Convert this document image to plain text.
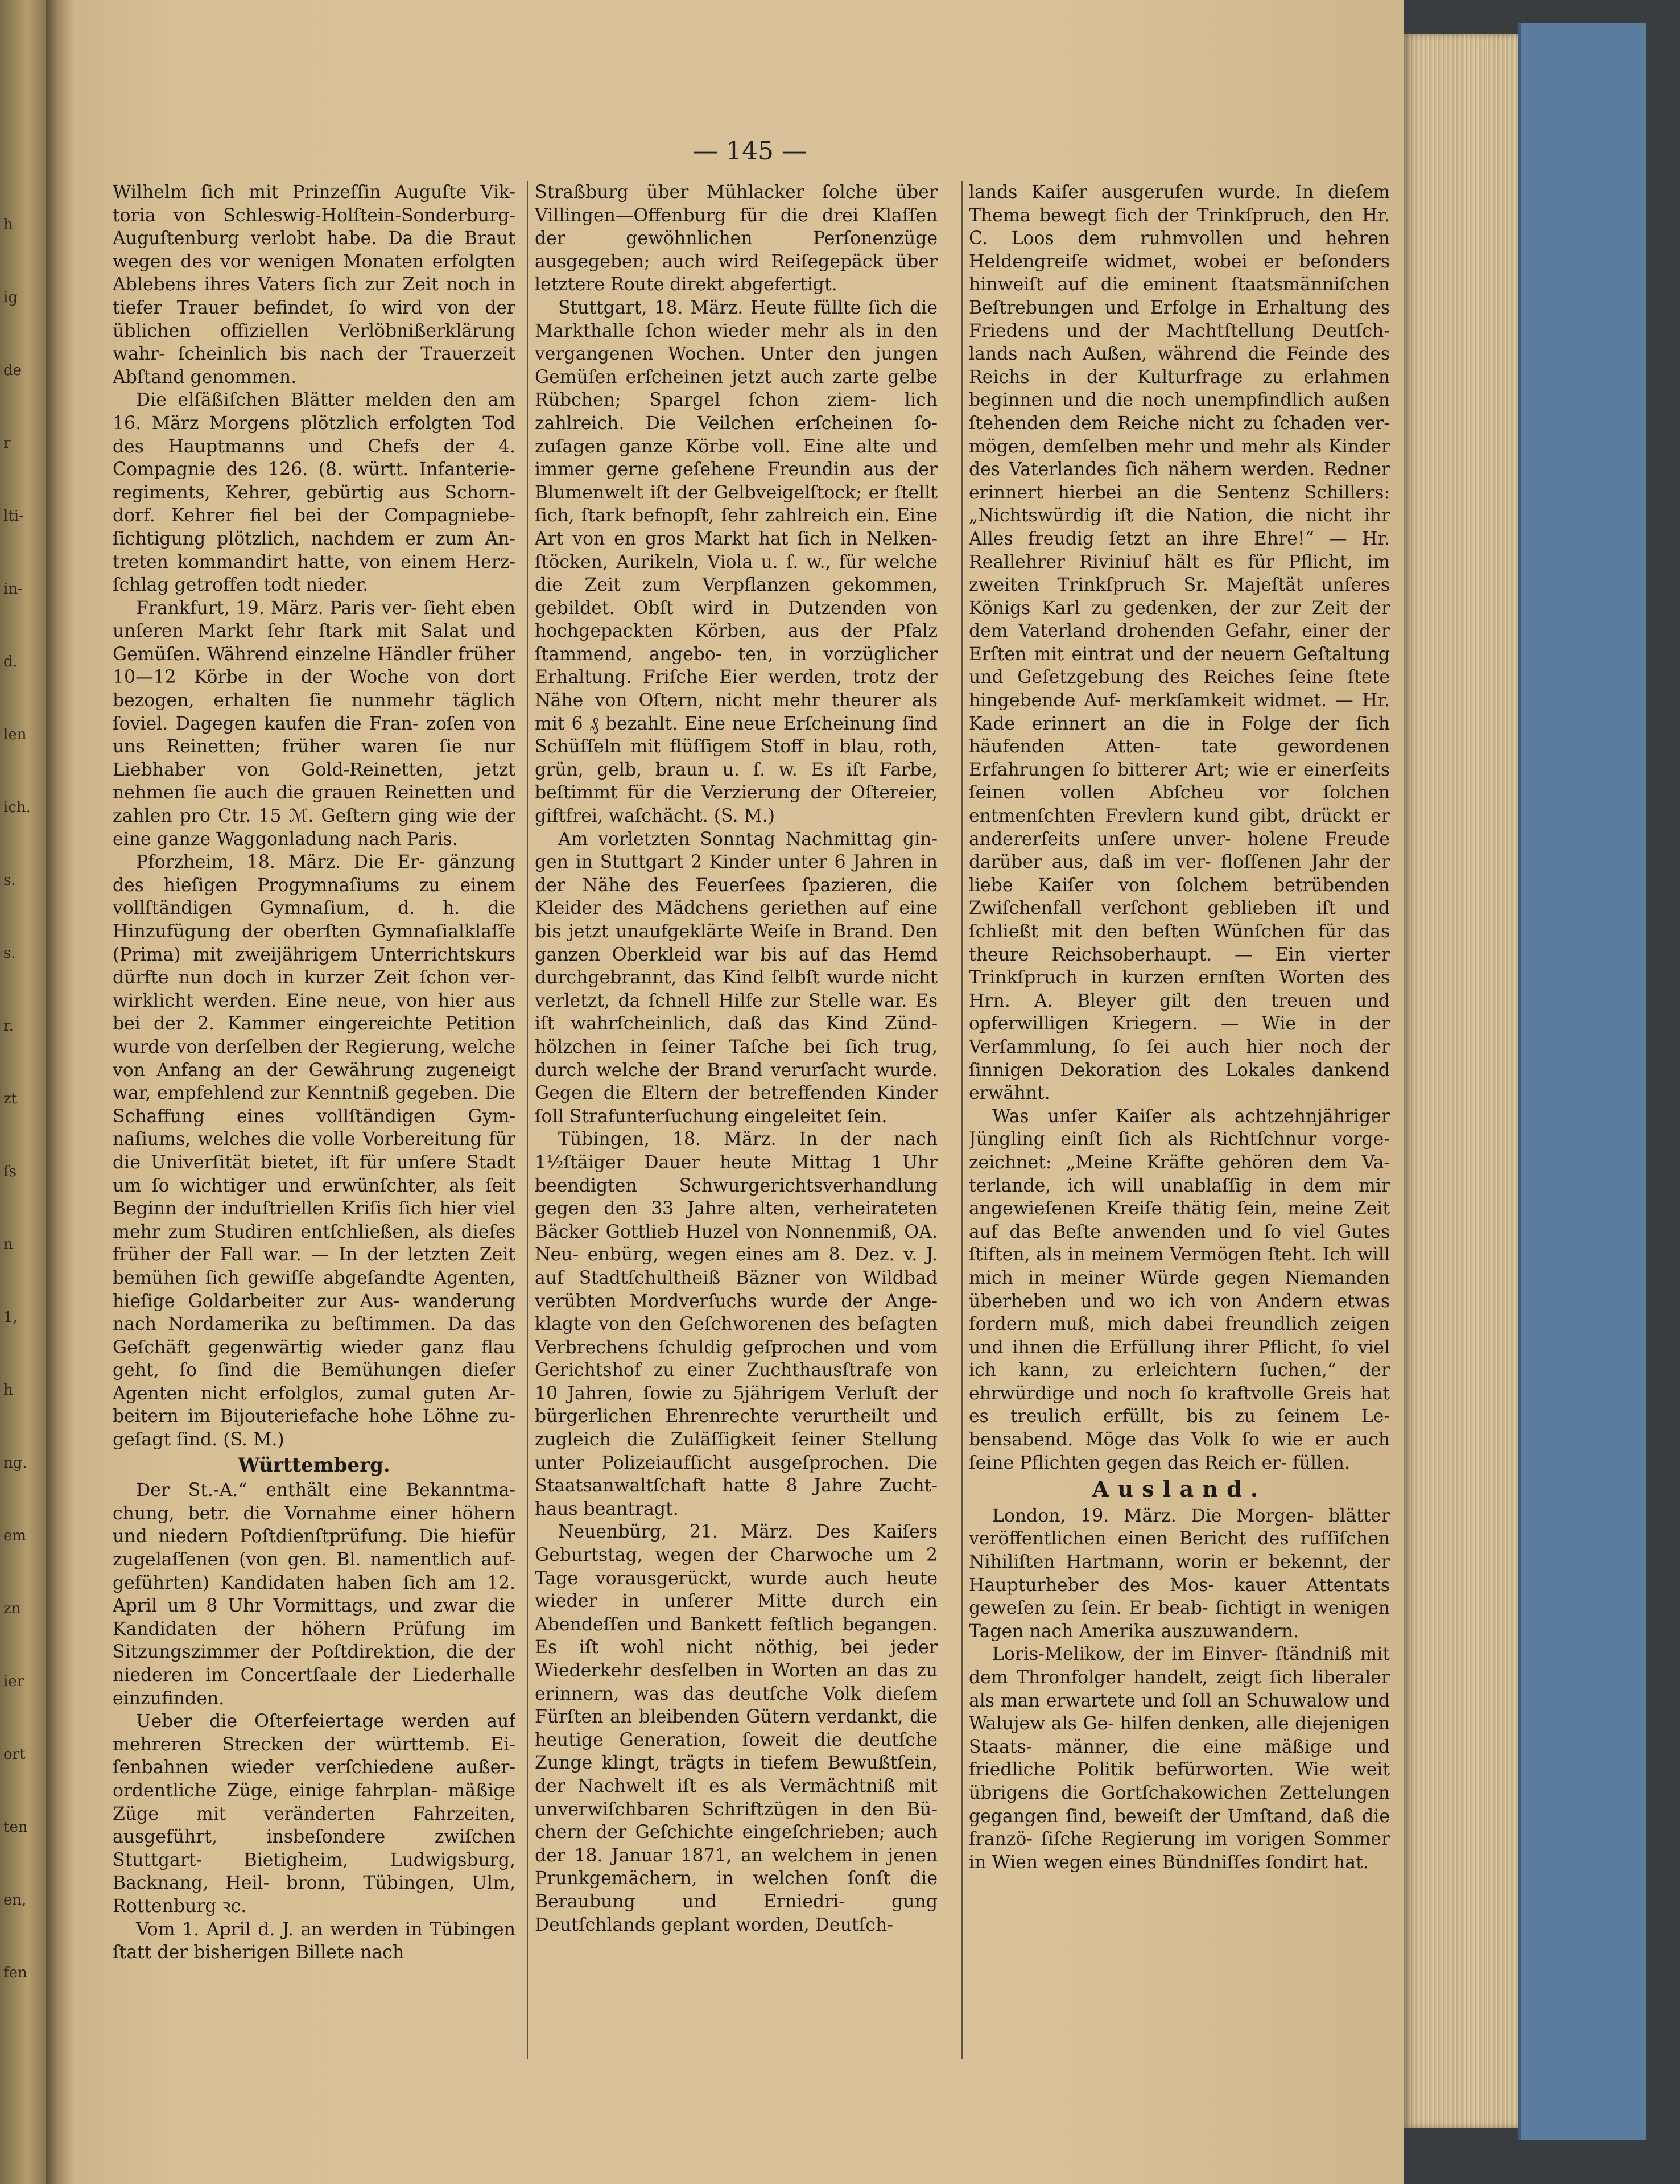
h
ig
de
r
lti-
in-
d.
len
ich.
s.
s.
r.
zt
ſs
n
1,
h
ng.
em
zn
ier
ort
ten
en,
fen
— 145 —

Wilhelm ſich mit Prinzeſſin Auguſte Vik- toria von Schleswig-Holſtein-Sonderburg-Auguſtenburg verlobt habe. Da die Braut wegen des vor wenigen Monaten erfolgten Ablebens ihres Vaters ſich zur Zeit noch in tiefer Trauer befindet, ſo wird von der üblichen offiziellen Verlöbnißerklärung wahr- ſcheinlich bis nach der Trauerzeit Abſtand genommen.

Die elſäßiſchen Blätter melden den am 16. März Morgens plötzlich erfolgten Tod des Hauptmanns und Chefs der 4. Compagnie des 126. (8. württ. Infanterie- regiments, Kehrer, gebürtig aus Schorn- dorf. Kehrer fiel bei der Compagniebe- ſichtigung plötzlich, nachdem er zum An- treten kommandirt hatte, von einem Herz- ſchlag getroffen todt nieder.

Frankfurt, 19. März. Paris ver- ſieht eben unſeren Markt ſehr ſtark mit Salat und Gemüſen. Während einzelne Händler früher 10—12 Körbe in der Woche von dort bezogen, erhalten ſie nunmehr täglich ſoviel. Dagegen kaufen die Fran- zoſen von uns Reinetten; früher waren ſie nur Liebhaber von Gold-Reinetten, jetzt nehmen ſie auch die grauen Reinetten und zahlen pro Ctr. 15 ℳ. Geſtern ging wie der eine ganze Waggonladung nach Paris.

Pforzheim, 18. März. Die Er- gänzung des hieſigen Progymnaſiums zu einem vollſtändigen Gymnaſium, d. h. die Hinzufügung der oberſten Gymnaſialklaſſe (Prima) mit zweijährigem Unterrichtskurs dürfte nun doch in kurzer Zeit ſchon ver- wirklicht werden. Eine neue, von hier aus bei der 2. Kammer eingereichte Petition wurde von derſelben der Regierung, welche von Anfang an der Gewährung zugeneigt war, empfehlend zur Kenntniß gegeben. Die Schaffung eines vollſtändigen Gym- naſiums, welches die volle Vorbereitung für die Univerſität bietet, iſt für unſere Stadt um ſo wichtiger und erwünſchter, als ſeit Beginn der induſtriellen Kriſis ſich hier viel mehr zum Studiren entſchließen, als dieſes früher der Fall war. — In der letzten Zeit bemühen ſich gewiſſe abgeſandte Agenten, hieſige Goldarbeiter zur Aus- wanderung nach Nordamerika zu beſtimmen. Da das Geſchäft gegenwärtig wieder ganz flau geht, ſo ſind die Bemühungen dieſer Agenten nicht erfolglos, zumal guten Ar- beitern im Bijouteriefache hohe Löhne zu- geſagt ſind. (S. M.)

Württemberg.

Der St.-A.“ enthält eine Bekanntma- chung, betr. die Vornahme einer höhern und niedern Poſtdienſtprüfung. Die hiefür zugelaſſenen (von gen. Bl. namentlich auf- geführten) Kandidaten haben ſich am 12. April um 8 Uhr Vormittags, und zwar die Kandidaten der höhern Prüfung im Sitzungszimmer der Poſtdirektion, die der niederen im Concertſaale der Liederhalle einzufinden.

Ueber die Oſterfeiertage werden auf mehreren Strecken der württemb. Ei- ſenbahnen wieder verſchiedene außer- ordentliche Züge, einige fahrplan- mäßige Züge mit veränderten Fahrzeiten, ausgeführt, insbeſondere zwiſchen Stuttgart- Bietigheim, Ludwigsburg, Backnang, Heil- bronn, Tübingen, Ulm, Rottenburg ꝛc.

Vom 1. April d. J. an werden in Tübingen ſtatt der bisherigen Billete nach

Straßburg über Mühlacker ſolche über Villingen—Offenburg für die drei Klaſſen der gewöhnlichen Perſonenzüge ausgegeben; auch wird Reiſegepäck über letztere Route direkt abgefertigt.

Stuttgart, 18. März. Heute füllte ſich die Markthalle ſchon wieder mehr als in den vergangenen Wochen. Unter den jungen Gemüſen erſcheinen jetzt auch zarte gelbe Rübchen; Spargel ſchon ziem- lich zahlreich. Die Veilchen erſcheinen ſo- zuſagen ganze Körbe voll. Eine alte und immer gerne geſehene Freundin aus der Blumenwelt iſt der Gelbveigelſtock; er ſtellt ſich, ſtark befnopſt, ſehr zahlreich ein. Eine Art von en gros Markt hat ſich in Nelken- ſtöcken, Aurikeln, Viola u. ſ. w., für welche die Zeit zum Verpflanzen gekommen, gebildet. Obſt wird in Dutzenden von hochgepackten Körben, aus der Pfalz ſtammend, angebo- ten, in vorzüglicher Erhaltung. Friſche Eier werden, trotz der Nähe von Oſtern, nicht mehr theurer als mit 6 ₰ bezahlt. Eine neue Erſcheinung ſind Schüſſeln mit flüſſigem Stoff in blau, roth, grün, gelb, braun u. ſ. w. Es iſt Farbe, beſtimmt für die Verzierung der Oſtereier, giftfrei, waſchächt. (S. M.)

Am vorletzten Sonntag Nachmittag gin- gen in Stuttgart 2 Kinder unter 6 Jahren in der Nähe des Feuerſees ſpazieren, die Kleider des Mädchens geriethen auf eine bis jetzt unaufgeklärte Weiſe in Brand. Den ganzen Oberkleid war bis auf das Hemd durchgebrannt, das Kind ſelbſt wurde nicht verletzt, da ſchnell Hilfe zur Stelle war. Es iſt wahrſcheinlich, daß das Kind Zünd- hölzchen in ſeiner Taſche bei ſich trug, durch welche der Brand verurſacht wurde. Gegen die Eltern der betreffenden Kinder ſoll Strafunterſuchung eingeleitet ſein.

Tübingen, 18. März. In der nach 1½ſtäiger Dauer heute Mittag 1 Uhr beendigten Schwurgerichtsverhandlung gegen den 33 Jahre alten, verheirateten Bäcker Gottlieb Huzel von Nonnenmiß, OA. Neu- enbürg, wegen eines am 8. Dez. v. J. auf Stadtſchultheiß Bäzner von Wildbad verübten Mordverſuchs wurde der Ange- klagte von den Geſchworenen des beſagten Verbrechens ſchuldig geſprochen und vom Gerichtshof zu einer Zuchthausſtrafe von 10 Jahren, ſowie zu 5jährigem Verluſt der bürgerlichen Ehrenrechte verurtheilt und zugleich die Zuläſſigkeit ſeiner Stellung unter Polizeiaufſicht ausgeſprochen. Die Staatsanwaltſchaft hatte 8 Jahre Zucht- haus beantragt.

Neuenbürg, 21. März. Des Kaiſers Geburtstag, wegen der Charwoche um 2 Tage vorausgerückt, wurde auch heute wieder in unſerer Mitte durch ein Abendeſſen und Bankett feſtlich begangen. Es iſt wohl nicht nöthig, bei jeder Wiederkehr desſelben in Worten an das zu erinnern, was das deutſche Volk dieſem Fürſten an bleibenden Gütern verdankt, die heutige Generation, ſoweit die deutſche Zunge klingt, trägts in tiefem Bewußtſein, der Nachwelt iſt es als Vermächtniß mit unverwiſchbaren Schriftzügen in den Bü- chern der Geſchichte eingeſchrieben; auch der 18. Januar 1871, an welchem in jenen Prunkgemächern, in welchen ſonſt die Beraubung und Erniedri- gung Deutſchlands geplant worden, Deutſch-

lands Kaiſer ausgerufen wurde. In dieſem Thema bewegt ſich der Trinkſpruch, den Hr. C. Loos dem ruhmvollen und hehren Heldengreiſe widmet, wobei er beſonders hinweiſt auf die eminent ſtaatsmänniſchen Beſtrebungen und Erfolge in Erhaltung des Friedens und der Machtſtellung Deutſch- lands nach Außen, während die Feinde des Reichs in der Kulturfrage zu erlahmen beginnen und die noch unempfindlich außen ſtehenden dem Reiche nicht zu ſchaden ver- mögen, demſelben mehr und mehr als Kinder des Vaterlandes ſich nähern werden. Redner erinnert hierbei an die Sentenz Schillers: „Nichtswürdig iſt die Nation, die nicht ihr Alles freudig ſetzt an ihre Ehre!“ — Hr. Reallehrer Riviniuſ hält es für Pflicht, im zweiten Trinkſpruch Sr. Majeſtät unſeres Königs Karl zu gedenken, der zur Zeit der dem Vaterland drohenden Gefahr, einer der Erſten mit eintrat und der neuern Geſtaltung und Geſetzgebung des Reiches ſeine ſtete hingebende Auf- merkſamkeit widmet. — Hr. Kade erinnert an die in Folge der ſich häufenden Atten- tate gewordenen Erfahrungen ſo bitterer Art; wie er einerſeits ſeinen vollen Abſcheu vor ſolchen entmenſchten Frevlern kund gibt, drückt er andererſeits unſere unver- holene Freude darüber aus, daß im ver- floſſenen Jahr der liebe Kaiſer von ſolchem betrübenden Zwiſchenfall verſchont geblieben iſt und ſchließt mit den beſten Wünſchen für das theure Reichsoberhaupt. — Ein vierter Trinkſpruch in kurzen ernſten Worten des Hrn. A. Bleyer gilt den treuen und opferwilligen Kriegern. — Wie in der Verſammlung, ſo ſei auch hier noch der ſinnigen Dekoration des Lokales dankend erwähnt.

Was unſer Kaiſer als achtzehnjähriger Jüngling einſt ſich als Richtſchnur vorge- zeichnet: „Meine Kräfte gehören dem Va- terlande, ich will unablaſſig in dem mir angewieſenen Kreiſe thätig ſein, meine Zeit auf das Beſte anwenden und ſo viel Gutes ſtiften, als in meinem Vermögen ſteht. Ich will mich in meiner Würde gegen Niemanden überheben und wo ich von Andern etwas fordern muß, mich dabei freundlich zeigen und ihnen die Erfüllung ihrer Pflicht, ſo viel ich kann, zu erleichtern ſuchen,“ der ehrwürdige und noch ſo kraftvolle Greis hat es treulich erfüllt, bis zu ſeinem Le- bensabend. Möge das Volk ſo wie er auch ſeine Pflichten gegen das Reich er- füllen.

Ausland.

London, 19. März. Die Morgen- blätter veröffentlichen einen Bericht des ruſſiſchen Nihiliſten Hartmann, worin er bekennt, der Haupturheber des Mos- kauer Attentats geweſen zu ſein. Er beab- ſichtigt in wenigen Tagen nach Amerika auszuwandern.

Loris-Melikow, der im Einver- ſtändniß mit dem Thronfolger handelt, zeigt ſich liberaler als man erwartete und ſoll an Schuwalow und Walujew als Ge- hilfen denken, alle diejenigen Staats- männer, die eine mäßige und friedliche Politik befürworten. Wie weit übrigens die Gortſchakowichen Zettelungen gegangen ſind, beweiſt der Umſtand, daß die franzö- ſiſche Regierung im vorigen Sommer in Wien wegen eines Bündniſſes ſondirt hat.
